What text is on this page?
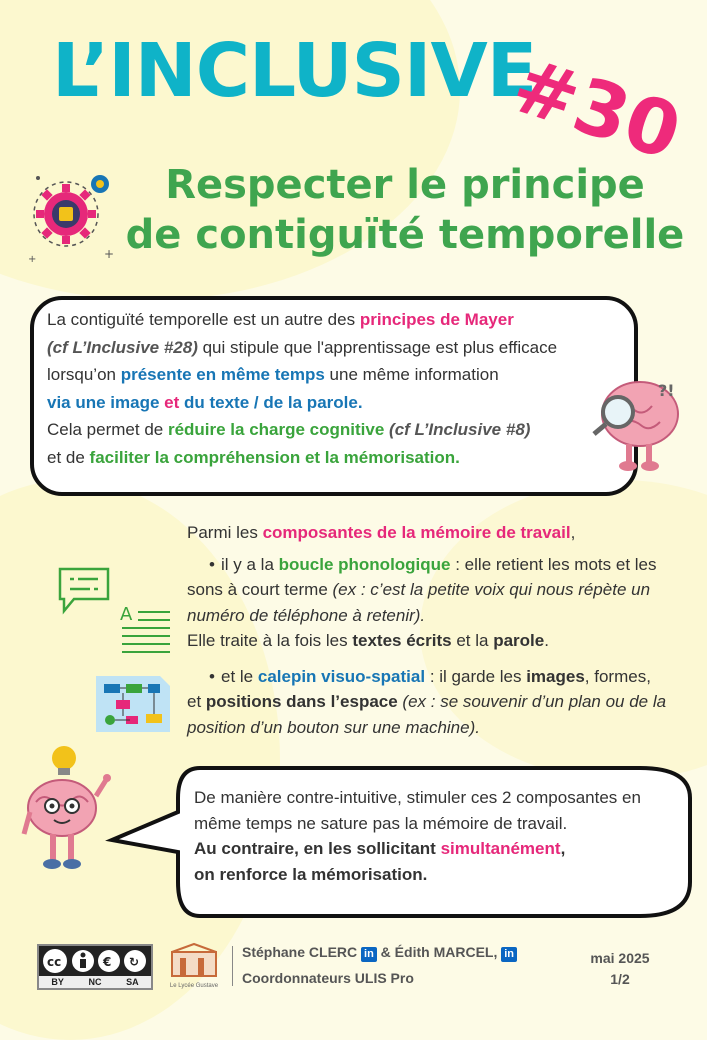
L’INCLUSIVE
#30
+
+
Respecter le principe
de contiguïté temporelle
La contiguïté temporelle est un autre des principes de Mayer
(cf L’Inclusive #28) qui stipule que l'apprentissage est plus efficace lorsqu’on présente en même temps une même information
via une image et du texte / de la parole.
Cela permet de réduire la charge cognitive (cf L’Inclusive #8)
et de faciliter la compréhension et la mémorisation.
?!
A

Parmi les composantes de la mémoire de travail,

• il y a la boucle phonologique : elle retient les mots et les sons à court terme (ex : c’est la petite voix qui nous répète un numéro de téléphone à retenir).
Elle traite à la fois les textes écrits et la parole.

• et le calepin visuo-spatial : il garde les images, formes, et positions dans l’espace (ex : se souvenir d’un plan ou de la position d’un bouton sur une machine).

De manière contre-intuitive, stimuler ces 2 composantes en même temps ne sature pas la mémoire de travail.
Au contraire, en les sollicitant simultanément,
on renforce la mémorisation.
cc	€ ↻
BY	NC	SA	Le Lycée Gustave
Stéphane CLERC in & Édith MARCEL, in
Coordonnateurs ULIS Pro
mai 2025
1/2
